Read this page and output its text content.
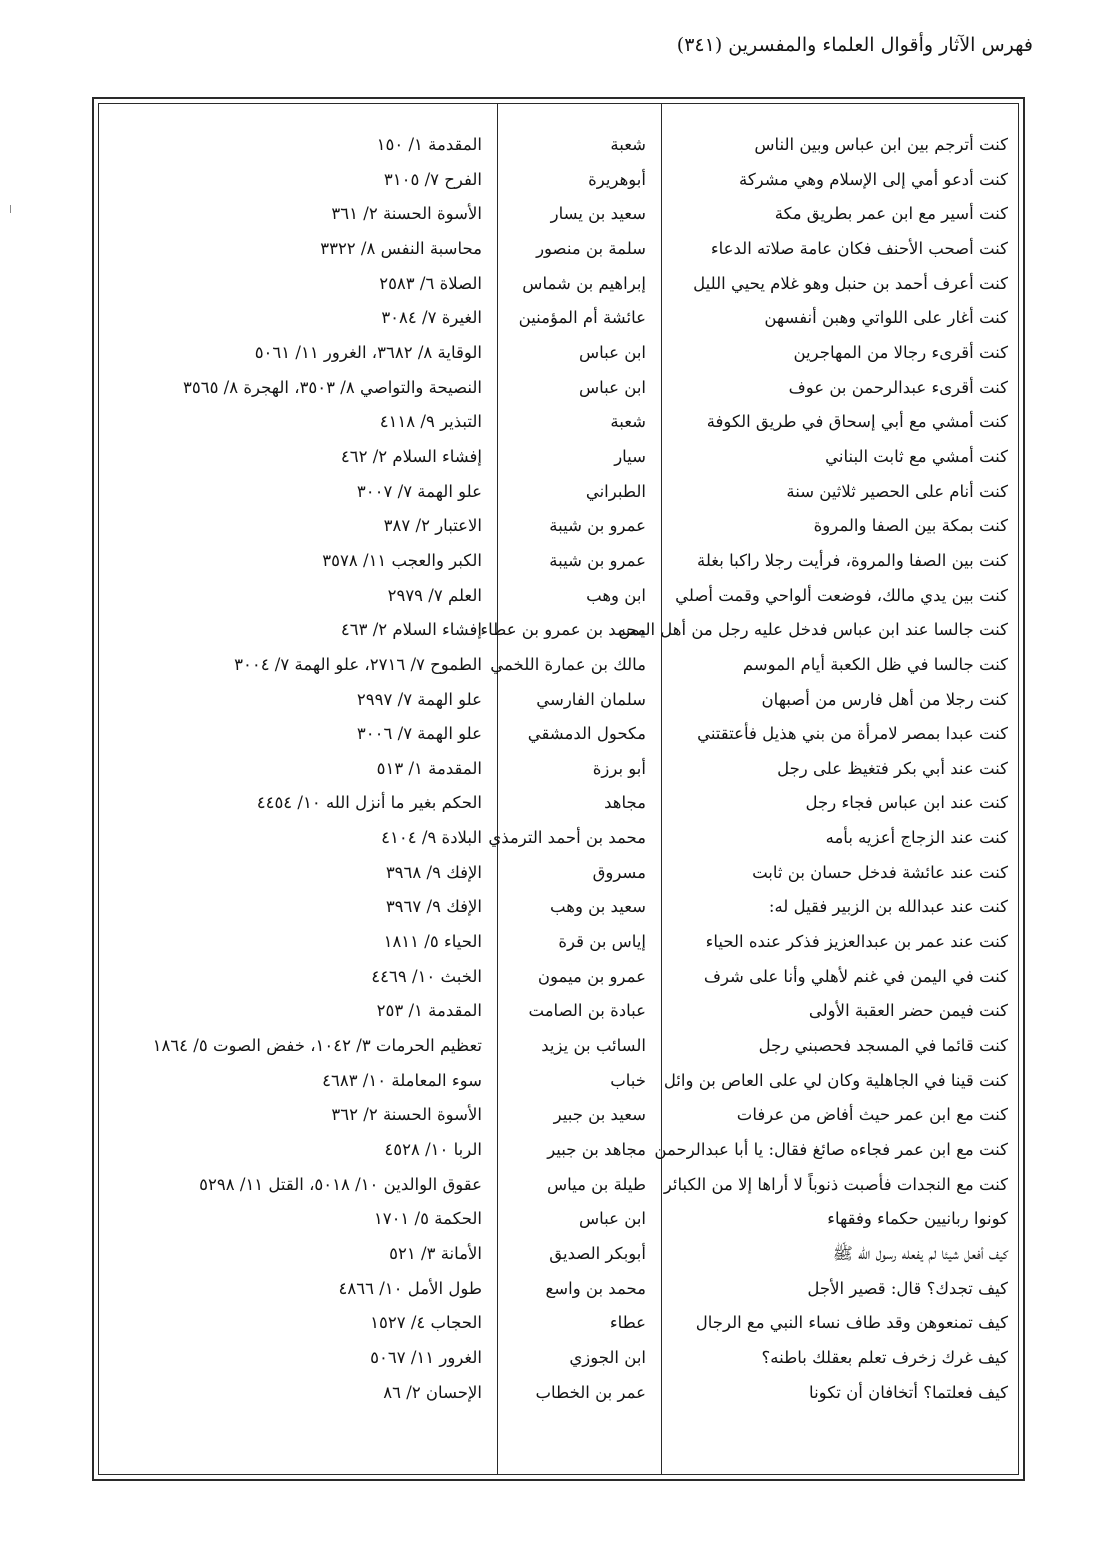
فهرس الآثار وأقوال العلماء والمفسرين (٣٤١)
كنت أترجم بين ابن عباس وبين الناس
شعبة
المقدمة ١/ ١٥٠
كنت أدعو أمي إلى الإسلام وهي مشركة
أبوهريرة
الفرح ٧/ ٣١٠٥
كنت أسير مع ابن عمر بطريق مكة
سعيد بن يسار
الأسوة الحسنة ٢/ ٣٦١
كنت أصحب الأحنف فكان عامة صلاته الدعاء
سلمة بن منصور
محاسبة النفس ٨/ ٣٣٢٢
كنت أعرف أحمد بن حنبل وهو غلام يحيي الليل
إبراهيم بن شماس
الصلاة ٦/ ٢٥٨٣
كنت أغار على اللواتي وهبن أنفسهن
عائشة أم المؤمنين
الغيرة ٧/ ٣٠٨٤
كنت أقرىء رجالا من المهاجرين
ابن عباس
الوقاية ٨/ ٣٦٨٢، الغرور ١١/ ٥٠٦١
كنت أقرىء عبدالرحمن بن عوف
ابن عباس
النصيحة والتواصي ٨/ ٣٥٠٣، الهجرة ٨/ ٣٥٦٥
كنت أمشي مع أبي إسحاق في طريق الكوفة
شعبة
التبذير ٩/ ٤١١٨
كنت أمشي مع ثابت البناني
سيار
إفشاء السلام ٢/ ٤٦٢
كنت أنام على الحصير ثلاثين سنة
الطبراني
علو الهمة ٧/ ٣٠٠٧
كنت بمكة بين الصفا والمروة
عمرو بن شيبة
الاعتبار ٢/ ٣٨٧
كنت بين الصفا والمروة، فرأيت رجلا راكبا بغلة
عمرو بن شيبة
الكبر والعجب ١١/ ٣٥٧٨
كنت بين يدي مالك، فوضعت ألواحي وقمت أصلي
ابن وهب
العلم ٧/ ٢٩٧٩
كنت جالسا عند ابن عباس فدخل عليه رجل من أهل اليمن
محمد بن عمرو بن عطاء
إفشاء السلام ٢/ ٤٦٣
كنت جالسا في ظل الكعبة أيام الموسم
مالك بن عمارة اللخمي
الطموح ٧/ ٢٧١٦، علو الهمة ٧/ ٣٠٠٤
كنت رجلا من أهل فارس من أصبهان
سلمان الفارسي
علو الهمة ٧/ ٢٩٩٧
كنت عبدا بمصر لامرأة من بني هذيل فأعتقتني
مكحول الدمشقي
علو الهمة ٧/ ٣٠٠٦
كنت عند أبي بكر فتغيظ على رجل
أبو برزة
المقدمة ١/ ٥١٣
كنت عند ابن عباس فجاء رجل
مجاهد
الحكم بغير ما أنزل الله ١٠/ ٤٤٥٤
كنت عند الزجاج أعزيه بأمه
محمد بن أحمد الترمذي
البلادة ٩/ ٤١٠٤
كنت عند عائشة فدخل حسان بن ثابت
مسروق
الإفك ٩/ ٣٩٦٨
كنت عند عبدالله بن الزبير فقيل له:
سعيد بن وهب
الإفك ٩/ ٣٩٦٧
كنت عند عمر بن عبدالعزيز فذكر عنده الحياء
إياس بن قرة
الحياء ٥/ ١٨١١
كنت في اليمن في غنم لأهلي وأنا على شرف
عمرو بن ميمون
الخبث ١٠/ ٤٤٦٩
كنت فيمن حضر العقبة الأولى
عبادة بن الصامت
المقدمة ١/ ٢٥٣
كنت قائما في المسجد فحصبني رجل
السائب بن يزيد
تعظيم الحرمات ٣/ ١٠٤٢، خفض الصوت ٥/ ١٨٦٤
كنت قينا في الجاهلية وكان لي على العاص بن وائل
خباب
سوء المعاملة ١٠/ ٤٦٨٣
كنت مع ابن عمر حيث أفاض من عرفات
سعيد بن جبير
الأسوة الحسنة ٢/ ٣٦٢
كنت مع ابن عمر فجاءه صائغ فقال: يا أبا عبدالرحمن
مجاهد بن جبير
الربا ١٠/ ٤٥٢٨
كنت مع النجدات فأصبت ذنوباً لا أراها إلا من الكبائر
طيلة بن مياس
عقوق الوالدين ١٠/ ٥٠١٨، القتل ١١/ ٥٢٩٨
كونوا ربانيين حكماء وفقهاء
ابن عباس
الحكمة ٥/ ١٧٠١
كيف أفعل شيئا لم يفعله رسول الله ﷺ
أبوبكر الصديق
الأمانة ٣/ ٥٢١
كيف تجدك؟ قال: قصير الأجل
محمد بن واسع
طول الأمل ١٠/ ٤٨٦٦
كيف تمنعوهن وقد طاف نساء النبي مع الرجال
عطاء
الحجاب ٤/ ١٥٢٧
كيف غرك زخرف تعلم بعقلك باطنه؟
ابن الجوزي
الغرور ١١/ ٥٠٦٧
كيف فعلتما؟ أتخافان أن تكونا
عمر بن الخطاب
الإحسان ٢/ ٨٦
